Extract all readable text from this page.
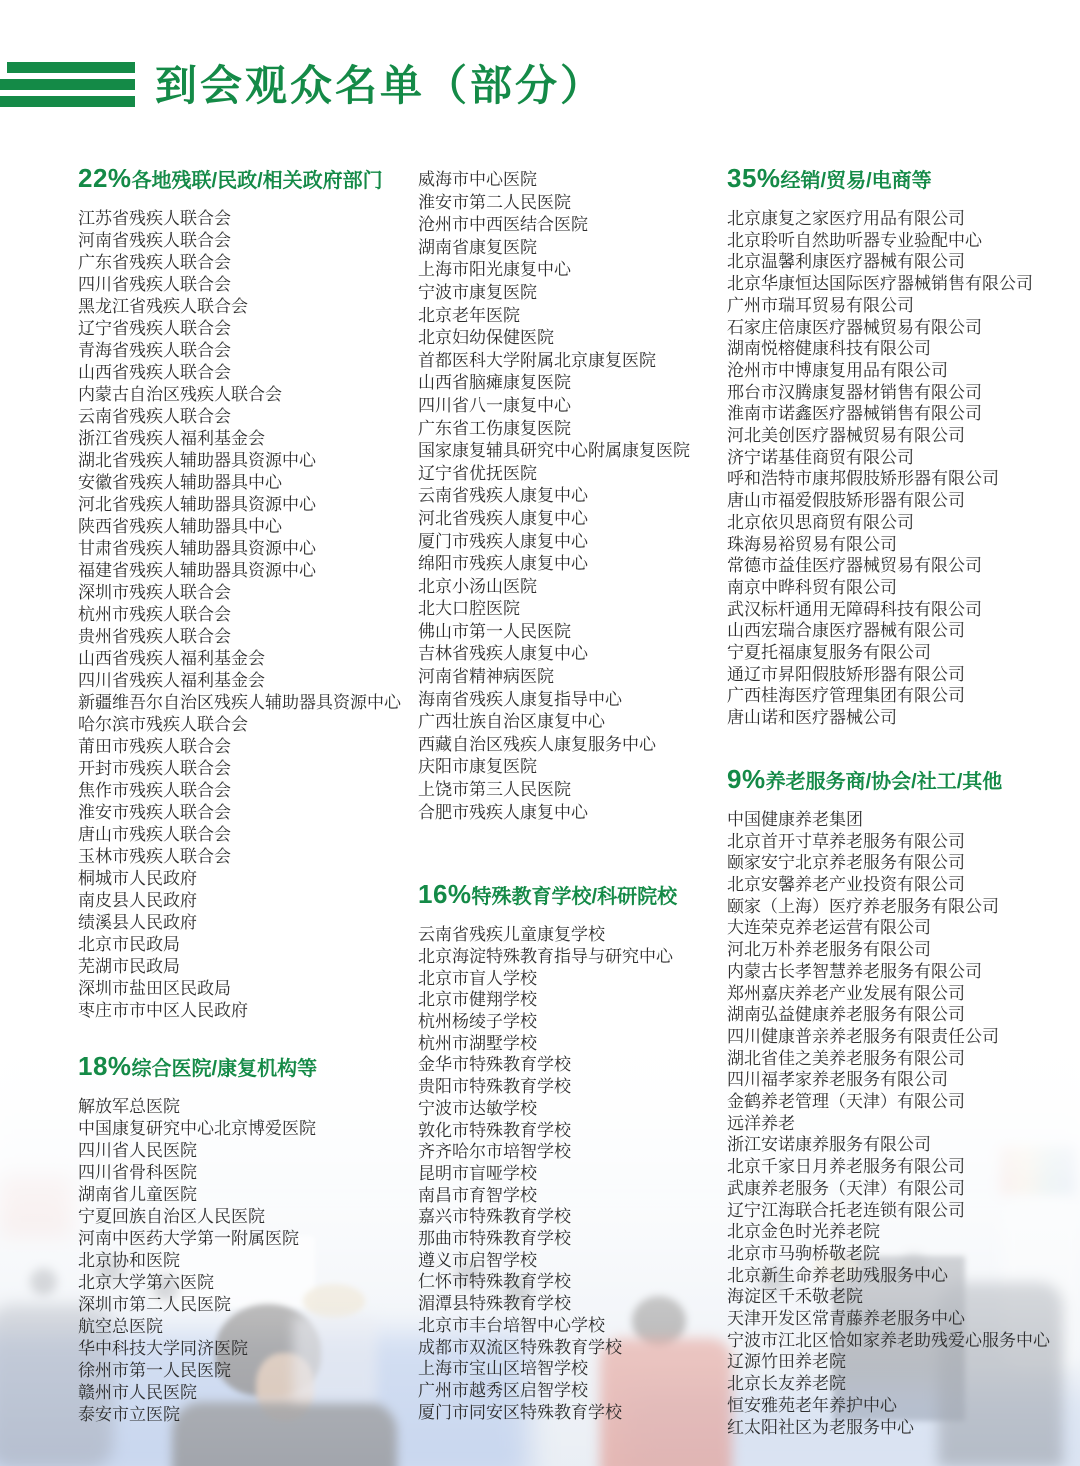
到会观众名单（部分）
22%各地残联/民政/相关政府部门
江苏省残疾人联合会
河南省残疾人联合会
广东省残疾人联合会
四川省残疾人联合会
黑龙江省残疾人联合会
辽宁省残疾人联合会
青海省残疾人联合会
山西省残疾人联合会
内蒙古自治区残疾人联合会
云南省残疾人联合会
浙江省残疾人福利基金会
湖北省残疾人辅助器具资源中心
安徽省残疾人辅助器具中心
河北省残疾人辅助器具资源中心
陕西省残疾人辅助器具中心
甘肃省残疾人辅助器具资源中心
福建省残疾人辅助器具资源中心
深圳市残疾人联合会
杭州市残疾人联合会
贵州省残疾人联合会
山西省残疾人福利基金会
四川省残疾人福利基金会
新疆维吾尔自治区残疾人辅助器具资源中心
哈尔滨市残疾人联合会
莆田市残疾人联合会
开封市残疾人联合会
焦作市残疾人联合会
淮安市残疾人联合会
唐山市残疾人联合会
玉林市残疾人联合会
桐城市人民政府
南皮县人民政府
绩溪县人民政府
北京市民政局
芜湖市民政局
深圳市盐田区民政局
枣庄市市中区人民政府
18%综合医院/康复机构等
解放军总医院
中国康复研究中心北京博爱医院
四川省人民医院
四川省骨科医院
湖南省儿童医院
宁夏回族自治区人民医院
河南中医药大学第一附属医院
北京协和医院
北京大学第六医院
深圳市第二人民医院
航空总医院
华中科技大学同济医院
徐州市第一人民医院
赣州市人民医院
泰安市立医院
威海市中心医院
淮安市第二人民医院
沧州市中西医结合医院
湖南省康复医院
上海市阳光康复中心
宁波市康复医院
北京老年医院
北京妇幼保健医院
首都医科大学附属北京康复医院
山西省脑瘫康复医院
四川省八一康复中心
广东省工伤康复医院
国家康复辅具研究中心附属康复医院
辽宁省优抚医院
云南省残疾人康复中心
河北省残疾人康复中心
厦门市残疾人康复中心
绵阳市残疾人康复中心
北京小汤山医院
北大口腔医院
佛山市第一人民医院
吉林省残疾人康复中心
河南省精神病医院
海南省残疾人康复指导中心
广西壮族自治区康复中心
西藏自治区残疾人康复服务中心
庆阳市康复医院
上饶市第三人民医院
合肥市残疾人康复中心
16%特殊教育学校/科研院校
云南省残疾儿童康复学校
北京海淀特殊教育指导与研究中心
北京市盲人学校
北京市健翔学校
杭州杨绫子学校
杭州市湖墅学校
金华市特殊教育学校
贵阳市特殊教育学校
宁波市达敏学校
敦化市特殊教育学校
齐齐哈尔市培智学校
昆明市盲哑学校
南昌市育智学校
嘉兴市特殊教育学校
那曲市特殊教育学校
遵义市启智学校
仁怀市特殊教育学校
湄潭县特殊教育学校
北京市丰台培智中心学校
成都市双流区特殊教育学校
上海市宝山区培智学校
广州市越秀区启智学校
厦门市同安区特殊教育学校
35%经销/贸易/电商等
北京康复之家医疗用品有限公司
北京聆听自然助听器专业验配中心
北京温馨利康医疗器械有限公司
北京华康恒达国际医疗器械销售有限公司
广州市瑞耳贸易有限公司
石家庄倍康医疗器械贸易有限公司
湖南悦榕健康科技有限公司
沧州市中博康复用品有限公司
邢台市汉腾康复器材销售有限公司
淮南市诺鑫医疗器械销售有限公司
河北美创医疗器械贸易有限公司
济宁诺基佳商贸有限公司
呼和浩特市康邦假肢矫形器有限公司
唐山市福爱假肢矫形器有限公司
北京依贝思商贸有限公司
珠海易裕贸易有限公司
常德市益佳医疗器械贸易有限公司
南京中晔科贸有限公司
武汉标杆通用无障碍科技有限公司
山西宏瑞合康医疗器械有限公司
宁夏托福康复服务有限公司
通辽市昇阳假肢矫形器有限公司
广西桂海医疗管理集团有限公司
唐山诺和医疗器械公司
9%养老服务商/协会/社工/其他
中国健康养老集团
北京首开寸草养老服务有限公司
颐家安宁北京养老服务有限公司
北京安馨养老产业投资有限公司
颐家（上海）医疗养老服务有限公司
大连荣克养老运营有限公司
河北万朴养老服务有限公司
内蒙古长孝智慧养老服务有限公司
郑州嘉庆养老产业发展有限公司
湖南弘益健康养老服务有限公司
四川健康普亲养老服务有限责任公司
湖北省佳之美养老服务有限公司
四川福孝家养老服务有限公司
金鹤养老管理（天津）有限公司
远洋养老
浙江安诺康养服务有限公司
北京千家日月养老服务有限公司
武康养老服务（天津）有限公司
辽宁江海联合托老连锁有限公司
北京金色时光养老院
北京市马驹桥敬老院
北京新生命养老助残服务中心
海淀区千禾敬老院
天津开发区常青藤养老服务中心
宁波市江北区恰如家养老助残爱心服务中心
辽源竹田养老院
北京长友养老院
恒安雅苑老年养护中心
红太阳社区为老服务中心
